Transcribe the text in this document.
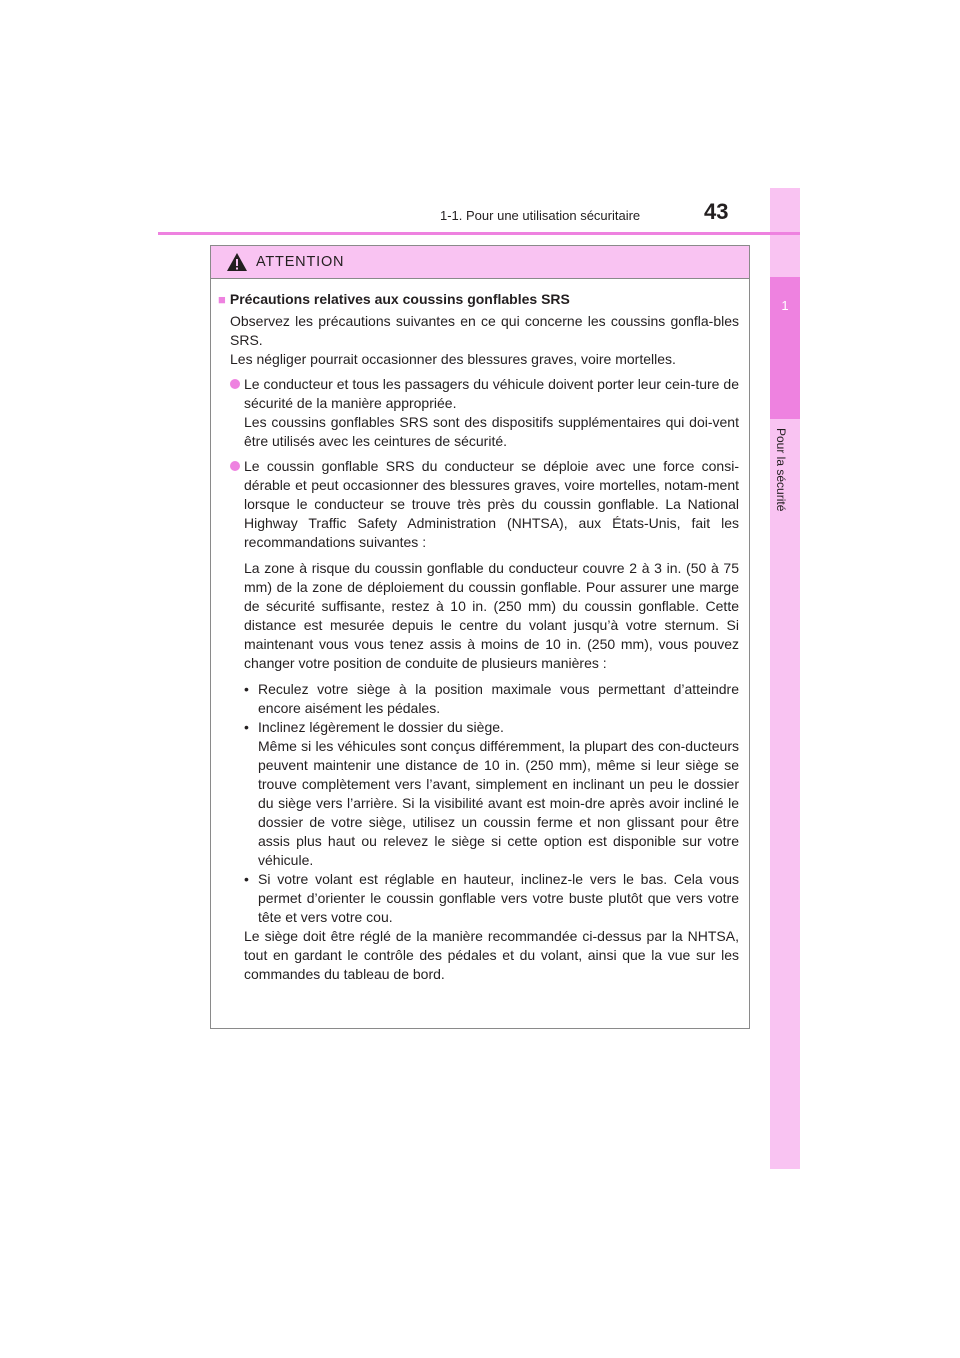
1
Pour la sécurité
1-1. Pour une utilisation sécuritaire	43
ATTENTION
■ Précautions relatives aux coussins gonflables SRS
Observez les précautions suivantes en ce qui concerne les coussins gonfla-bles SRS.
Les négliger pourrait occasionner des blessures graves, voire mortelles.
Le conducteur et tous les passagers du véhicule doivent porter leur cein-ture de sécurité de la manière appropriée.
Les coussins gonflables SRS sont des dispositifs supplémentaires qui doi-vent être utilisés avec les ceintures de sécurité.
Le coussin gonflable SRS du conducteur se déploie avec une force consi-dérable et peut occasionner des blessures graves, voire mortelles, notam-ment lorsque le conducteur se trouve très près du coussin gonflable. La National Highway Traffic Safety Administration (NHTSA), aux États-Unis, fait les recommandations suivantes :
La zone à risque du coussin gonflable du conducteur couvre 2 à 3 in. (50 à 75 mm) de la zone de déploiement du coussin gonflable. Pour assurer une marge de sécurité suffisante, restez à 10 in. (250 mm) du coussin gonflable. Cette distance est mesurée depuis le centre du volant jusqu’à votre sternum. Si maintenant vous vous tenez assis à moins de 10 in. (250 mm), vous pouvez changer votre position de conduite de plusieurs manières :
• Reculez votre siège à la position maximale vous permettant d’atteindre encore aisément les pédales.
• Inclinez légèrement le dossier du siège.
Même si les véhicules sont conçus différemment, la plupart des con-ducteurs peuvent maintenir une distance de 10 in. (250 mm), même si leur siège se trouve complètement vers l’avant, simplement en inclinant un peu le dossier du siège vers l’arrière. Si la visibilité avant est moin-dre après avoir incliné le dossier de votre siège, utilisez un coussin ferme et non glissant pour être assis plus haut ou relevez le siège si cette option est disponible sur votre véhicule.
• Si votre volant est réglable en hauteur, inclinez-le vers le bas. Cela vous permet d’orienter le coussin gonflable vers votre buste plutôt que vers votre tête et vers votre cou.
Le siège doit être réglé de la manière recommandée ci-dessus par la NHTSA, tout en gardant le contrôle des pédales et du volant, ainsi que la vue sur les commandes du tableau de bord.
